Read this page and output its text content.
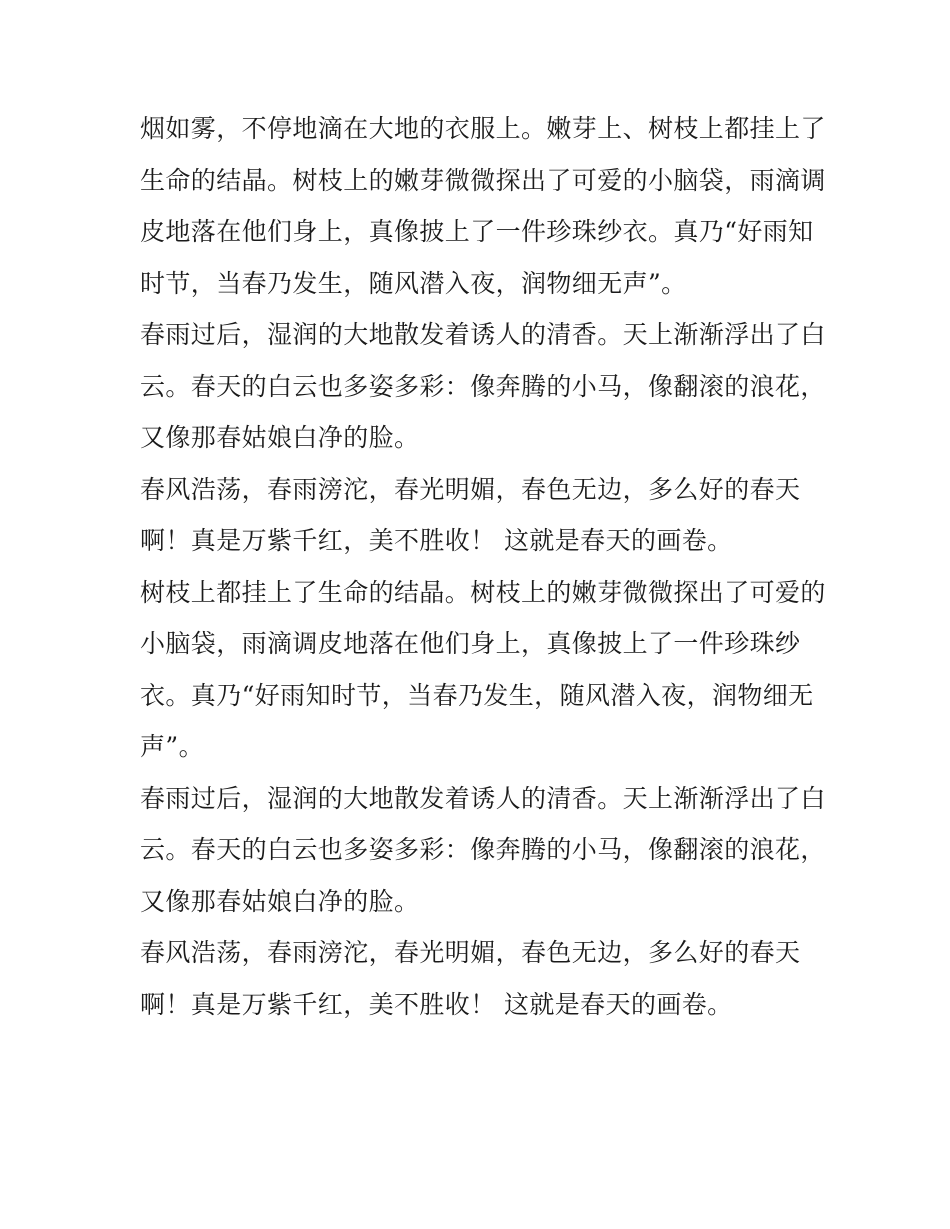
烟如雾，不停地滴在大地的衣服上。嫩芽上、树枝上都挂上了
生命的结晶。树枝上的嫩芽微微探出了可爱的小脑袋，雨滴调
皮地落在他们身上，真像披上了一件珍珠纱衣。真乃“好雨知
时节，当春乃发生，随风潜入夜，润物细无声”。
春雨过后，湿润的大地散发着诱人的清香。天上渐渐浮出了白
云。春天的白云也多姿多彩：像奔腾的小马，像翻滚的浪花，
又像那春姑娘白净的脸。
春风浩荡，春雨滂沱，春光明媚，春色无边，多么好的春天
啊！真是万紫千红，美不胜收！ 这就是春天的画卷。
树枝上都挂上了生命的结晶。树枝上的嫩芽微微探出了可爱的
小脑袋，雨滴调皮地落在他们身上，真像披上了一件珍珠纱
衣。真乃“好雨知时节，当春乃发生，随风潜入夜，润物细无
声”。
春雨过后，湿润的大地散发着诱人的清香。天上渐渐浮出了白
云。春天的白云也多姿多彩：像奔腾的小马，像翻滚的浪花，
又像那春姑娘白净的脸。
春风浩荡，春雨滂沱，春光明媚，春色无边，多么好的春天
啊！真是万紫千红，美不胜收！ 这就是春天的画卷。
